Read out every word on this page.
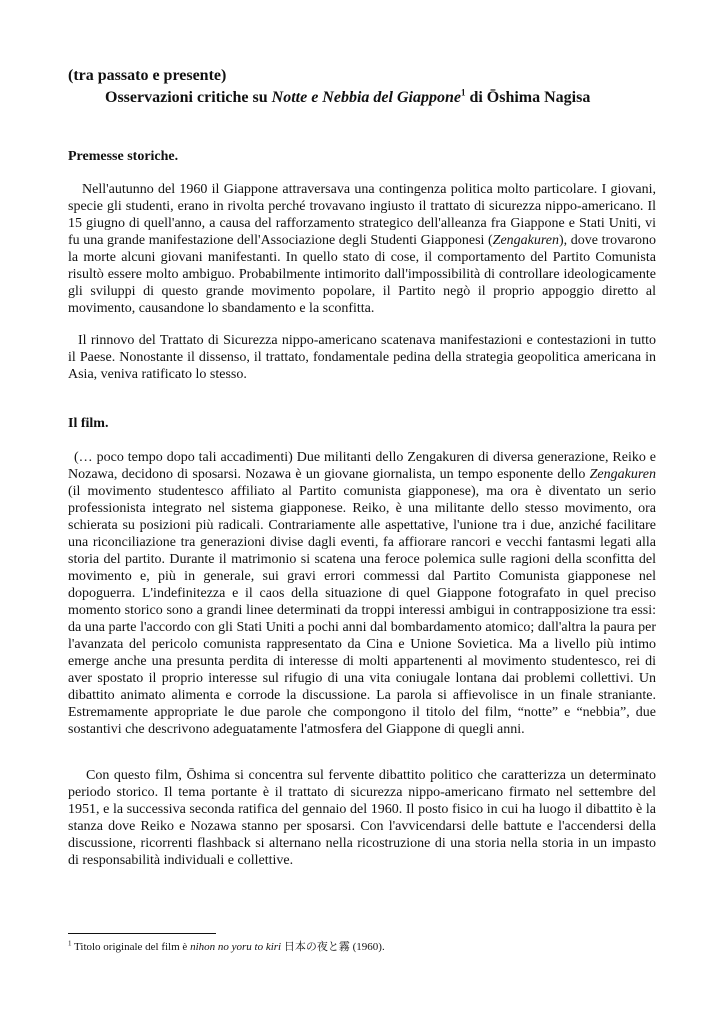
(tra passato e presente)

Osservazioni critiche su Notte e Nebbia del Giappone$^1$ di Ōshima Nagisa

Premesse storiche.

Nell'autunno del 1960 il Giappone attraversava una contingenza politica molto particolare. I giovani, specie gli studenti, erano in rivolta perché trovavano ingiusto il trattato di sicurezza nippo-americano. Il 15 giugno di quell'anno, a causa del rafforzamento strategico dell'alleanza fra Giappone e Stati Uniti, vi fu una grande manifestazione dell'Associazione degli Studenti Giapponesi (Zengakuren), dove trovarono la morte alcuni giovani manifestanti. In quello stato di cose, il comportamento del Partito Comunista risultò essere molto ambiguo. Probabilmente intimorito dall'impossibilità di controllare ideologicamente gli sviluppi di questo grande movimento popolare, il Partito negò il proprio appoggio diretto al movimento, causandone lo sbandamento e la sconfitta.

Il rinnovo del Trattato di Sicurezza nippo-americano scatenava manifestazioni e contestazioni in tutto il Paese. Nonostante il dissenso, il trattato, fondamentale pedina della strategia geopolitica americana in Asia, veniva ratificato lo stesso.

Il film.

(… poco tempo dopo tali accadimenti) Due militanti dello Zengakuren di diversa generazione, Reiko e Nozawa, decidono di sposarsi. Nozawa è un giovane giornalista, un tempo esponente dello Zengakuren (il movimento studentesco affiliato al Partito comunista giapponese), ma ora è diventato un serio professionista integrato nel sistema giapponese. Reiko, è una militante dello stesso movimento, ora schierata su posizioni più radicali. Contrariamente alle aspettative, l'unione tra i due, anziché facilitare una riconciliazione tra generazioni divise dagli eventi, fa affiorare rancori e vecchi fantasmi legati alla storia del partito. Durante il matrimonio si scatena una feroce polemica sulle ragioni della sconfitta del movimento e, più in generale, sui gravi errori commessi dal Partito Comunista giapponese nel dopoguerra. L'indefinitezza e il caos della situazione di quel Giappone fotografato in quel preciso momento storico sono a grandi linee determinati da troppi interessi ambigui in contrapposizione tra essi: da una parte l'accordo con gli Stati Uniti a pochi anni dal bombardamento atomico; dall'altra la paura per l'avanzata del pericolo comunista rappresentato da Cina e Unione Sovietica. Ma a livello più intimo emerge anche una presunta perdita di interesse di molti appartenenti al movimento studentesco, rei di aver spostato il proprio interesse sul rifugio di una vita coniugale lontana dai problemi collettivi. Un dibattito animato alimenta e corrode la discussione. La parola si affievolisce in un finale straniante. Estremamente appropriate le due parole che compongono il titolo del film, “notte” e “nebbia”, due sostantivi che descrivono adeguatamente l'atmosfera del Giappone di quegli anni.

Con questo film, Ōshima si concentra sul fervente dibattito politico che caratterizza un determinato periodo storico. Il tema portante è il trattato di sicurezza nippo-americano firmato nel settembre del 1951, e la successiva seconda ratifica del gennaio del 1960. Il posto fisico in cui ha luogo il dibattito è la stanza dove Reiko e Nozawa stanno per sposarsi. Con l'avvicendarsi delle battute e l'accendersi della discussione, ricorrenti flashback si alternano nella ricostruzione di una storia nella storia in un impasto di responsabilità individuali e collettive.

$^1$ Titolo originale del film è nihon no yoru to kiri 日本の夜と霧 (1960).
